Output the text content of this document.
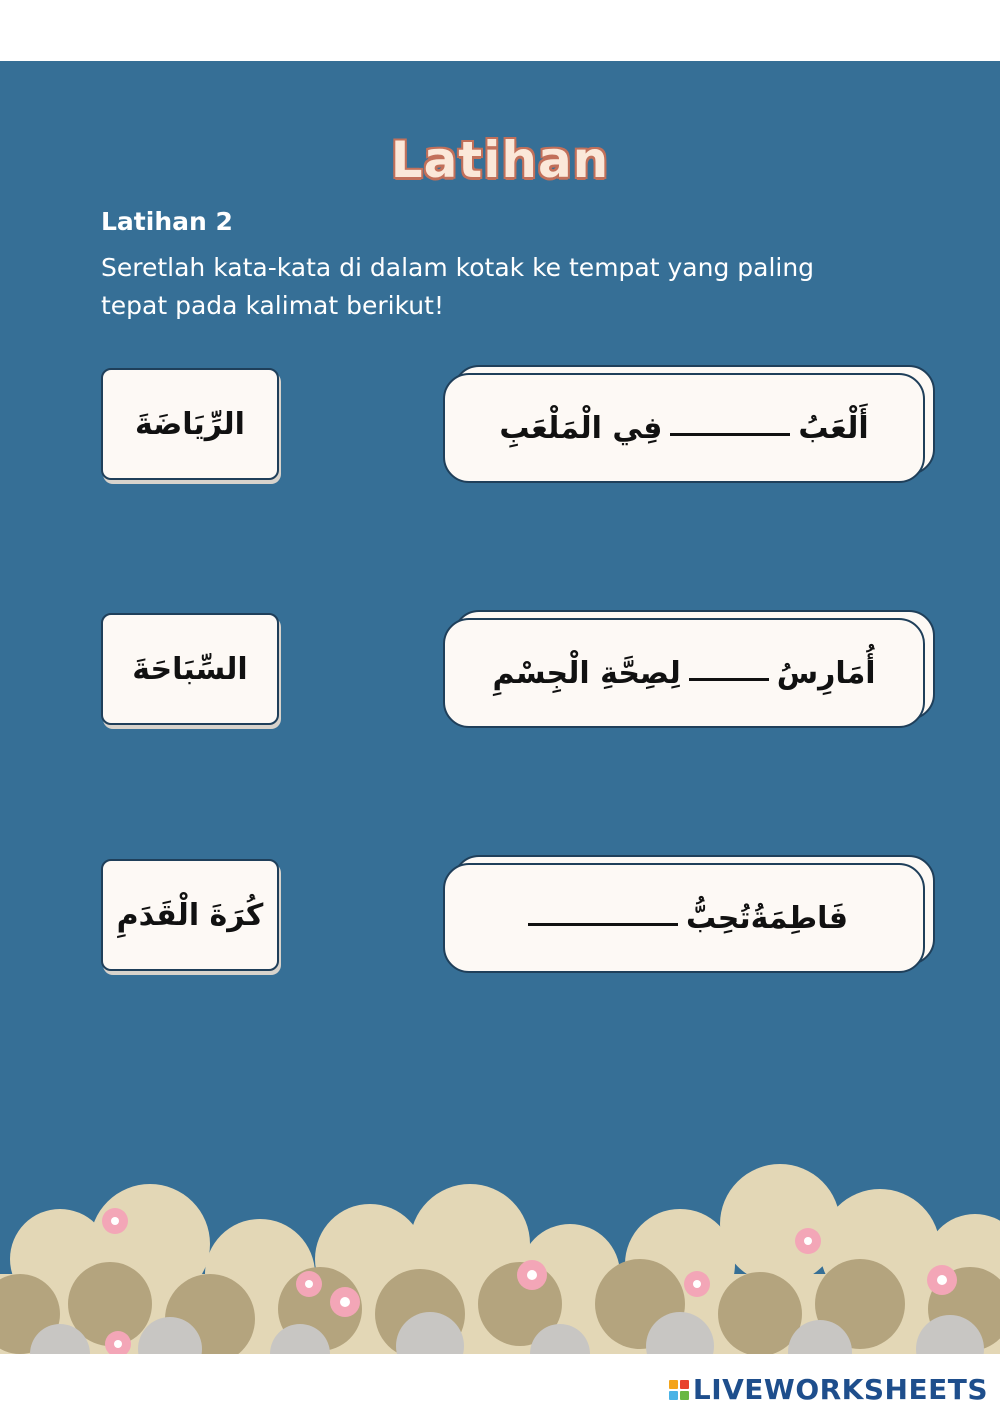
Latihan
Latihan 2
Seretlah kata-kata di dalam kotak ke tempat yang paling tepat pada kalimat berikut!
الرِّيَاضَةَ
السِّبَاحَةَ
كُرَةَ الْقَدَمِ
أَلْعَبُ
فِي الْمَلْعَبِ
أُمَارِسُ
لِصِحَّةِ الْجِسْمِ
فَاطِمَةُتُحِبُّ
LIVEWORKSHEETS
